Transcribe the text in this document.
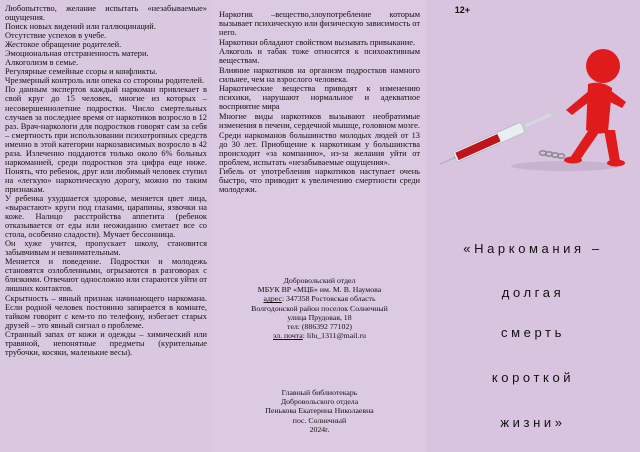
Любопытство, желание испытать «незабываемые» ощущения.

Поиск новых видений или галлюцинаций.

Отсутствие успехов в учебе.

Жестокое обращение родителей.

Эмоциональная отстраненность матери.

Алкоголизм в семье.

Регулярные семейные ссоры и конфликты.

Чрезмерный контроль или опека со стороны родителей.

По данным экспертов каждый наркоман привлекает в свой круг до 15 человек, многие из которых – несовершеннолетние подростки. Число смертельных случаев за последнее время от наркотиков возросло в 12 раз. Врач-наркологи для подростков говорят сам за себя – смертность при использовании психотропных средств именно в этой категории наркозависимых возросло в 42 раза. Излеченно поддаются только около 6% больных наркоманией, среди подростков эта цифра еще ниже. Понять, что ребенок, друг или любимый человек ступил на «легкую» наркотическую дорогу, можно по таким признакам.

У ребенка ухудшается здоровье, меняется цвет лица, «вырастают» круги под глазами, царапины, язвочки на коже. Налицо расстройства аппетита (ребенок отказывается от еды или неожиданно сметает все со стола, особенно сладости). Мучает бессонница.

Он хуже учится, пропускает школу, становится забывчивым и невнимательным.

Меняется и поведение. Подростки и молодежь становятся озлобленными, огрызаются в разговорах с близкими. Отвечают односложно или стараются уйти от лишних контактов.

Скрытность – явный признак начинающего наркомана. Если родной человек постоянно запирается в комнате, тайком говорит с кем-то по телефону, избегает старых друзей – это явный сигнал о проблеме.

Странный запах от кожи и одежды – химический или травяной, непонятные предметы (курительные трубочки, косяки, маленькие весы).

Наркотик –вещество,злоупотребление которым вызывает психическую или физическую зависимость от него.

Наркотики обладают свойством вызывать привыкание.

Алкоголь и табак тоже относятся к психоактивным веществам.

Влияние наркотиков на организм подростков намного сильнее, чем на взрослого человека.

Наркотические вещества приводят к изменению психики, нарушают нормальное и адекватное восприятие мира

Многие виды наркотиков вызывают необратимые изменения в печени, сердечной мышце, головном мозге.

Среди наркоманов большинство молодых людей от 13 до 30 лет. Приобщение к наркотикам у большинства происходит «за компанию», из-за желания уйти от проблем, испытать «незабываемые ощущения».

Гибель от употребления наркотиков наступает очень быстро, что приводит к увеличению смертности среди молодежи.

Добровольский отдел
МБУК ВР «МЦБ» им. М. В. Наумова
адрес: 347358 Ростовская область
Волгодонской район поселок Солнечный
улица Прудовая, 18
тел: (886392 77102)
эл. почта: lilu_1311@mail.ru
Главный библиотекарь
Добровольского отдела
Пенькова Екатерина Николаевна
пос. Солнечный
2024г.
«Наркомания –
долгая
смерть
короткой
жизни»
12+
